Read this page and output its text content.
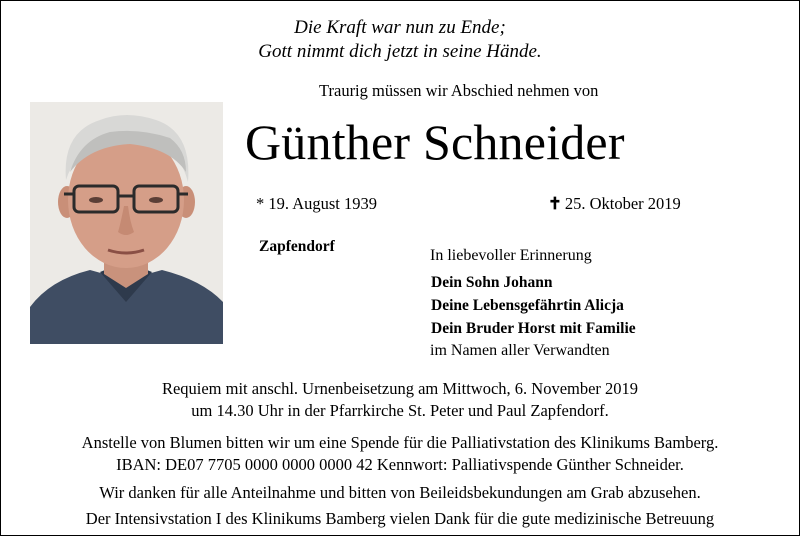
Die Kraft war nun zu Ende;
Gott nimmt dich jetzt in seine Hände.
Traurig müssen wir Abschied nehmen von
Günther Schneider
* 19. August 1939	✝ 25. Oktober 2019
Zapfendorf
In liebevoller Erinnerung
Dein Sohn Johann
Deine Lebensgefährtin Alicja
Dein Bruder Horst mit Familie
im Namen aller Verwandten
Requiem mit anschl. Urnenbeisetzung am Mittwoch, 6. November 2019
um 14.30 Uhr in der Pfarrkirche St. Peter und Paul Zapfendorf.
Anstelle von Blumen bitten wir um eine Spende für die Palliativstation des Klinikums Bamberg.
IBAN: DE07 7705 0000 0000 0000 42 Kennwort: Palliativspende Günther Schneider.
Wir danken für alle Anteilnahme und bitten von Beileidsbekundungen am Grab abzusehen.
Der Intensivstation I des Klinikums Bamberg vielen Dank für die gute medizinische Betreuung
